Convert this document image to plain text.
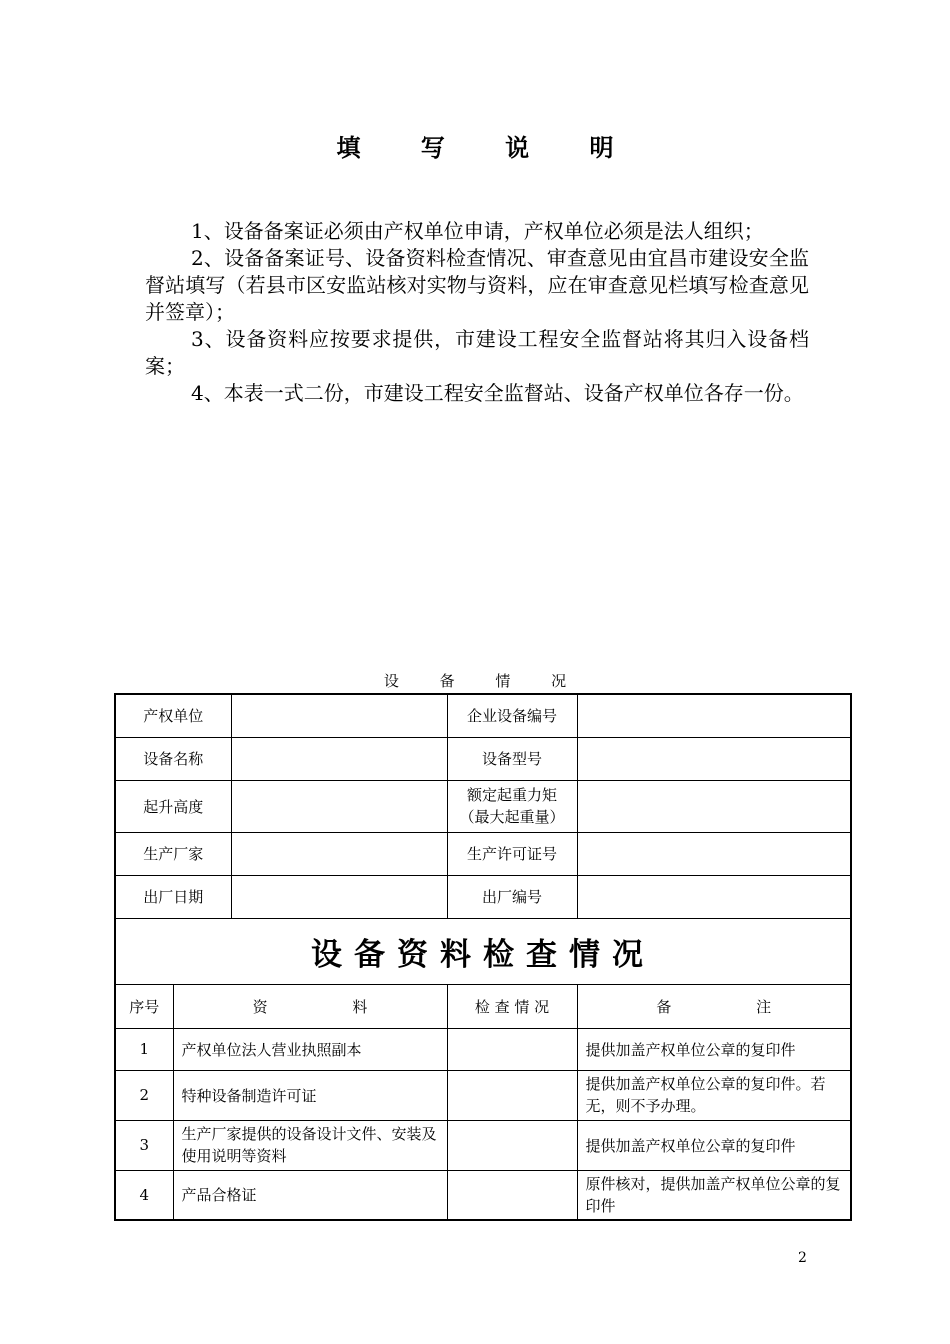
填 写 说 明

1、设备备案证必须由产权单位申请，产权单位必须是法人组织；

2、设备备案证号、设备资料检查情况、审查意见由宜昌市建设安全监督站填写（若县市区安监站核对实物与资料，应在审查意见栏填写检查意见并签章）；

3、设备资料应按要求提供，市建设工程安全监督站将其归入设备档案；

4、本表一式二份，市建设工程安全监督站、设备产权单位各存一份。

设 备 情 况
产权单位			企业设备编号	
设备名称			设备型号	
起升高度			额定起重力矩
（最大起重量）	

生产厂家			生产许可证号	
出厂日期			出厂编号	
设备资料检查情况				
序号	资 料		检 查 情 况	备 注
1	产权单位法人营业执照副本			提供加盖产权单位公章的复印件
2	特种设备制造许可证			提供加盖产权单位公章的复印件。若无，则不予办理。
3	生产厂家提供的设备设计文件、安装及使用说明等资料			提供加盖产权单位公章的复印件
4	产品合格证			原件核对，提供加盖产权单位公章的复印件
2
